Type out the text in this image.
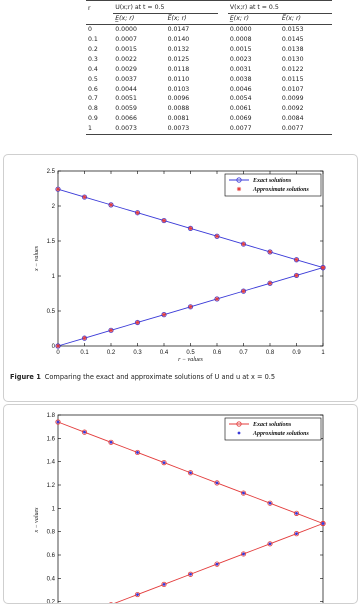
r	U(x;r) at t = 0.5			V(x;r) at t = 0.5	
	E̲(x; r)	E̅(x; r)		E̲(x; r)	E̅(x; r)
0	0.0000	0.0147		0.0000	0.0153
0.1	0.0007	0.0140		0.0008	0.0145
0.2	0.0015	0.0132		0.0015	0.0138
0.3	0.0022	0.0125		0.0023	0.0130
0.4	0.0029	0.0118		0.0031	0.0122
0.5	0.0037	0.0110		0.0038	0.0115
0.6	0.0044	0.0103		0.0046	0.0107
0.7	0.0051	0.0096		0.0054	0.0099
0.8	0.0059	0.0088		0.0061	0.0092
0.9	0.0066	0.0081		0.0069	0.0084
1	0.0073	0.0073		0.0077	0.0077
0
0.5
1
1.5
2
2.5
0	0.1	0.2	0.3	0.4	0.5	0.6	0.7	0.8	0.9	1
r − values
x − values
Exact solutions
Approximate solutions
Figure 1 Comparing the exact and approximate solutions of U and u at x = 0.5
0.2
0.4
0.6
0.8
1
1.2
1.4
1.6
1.8
x − values
Exact solutions
Approximate solutions
